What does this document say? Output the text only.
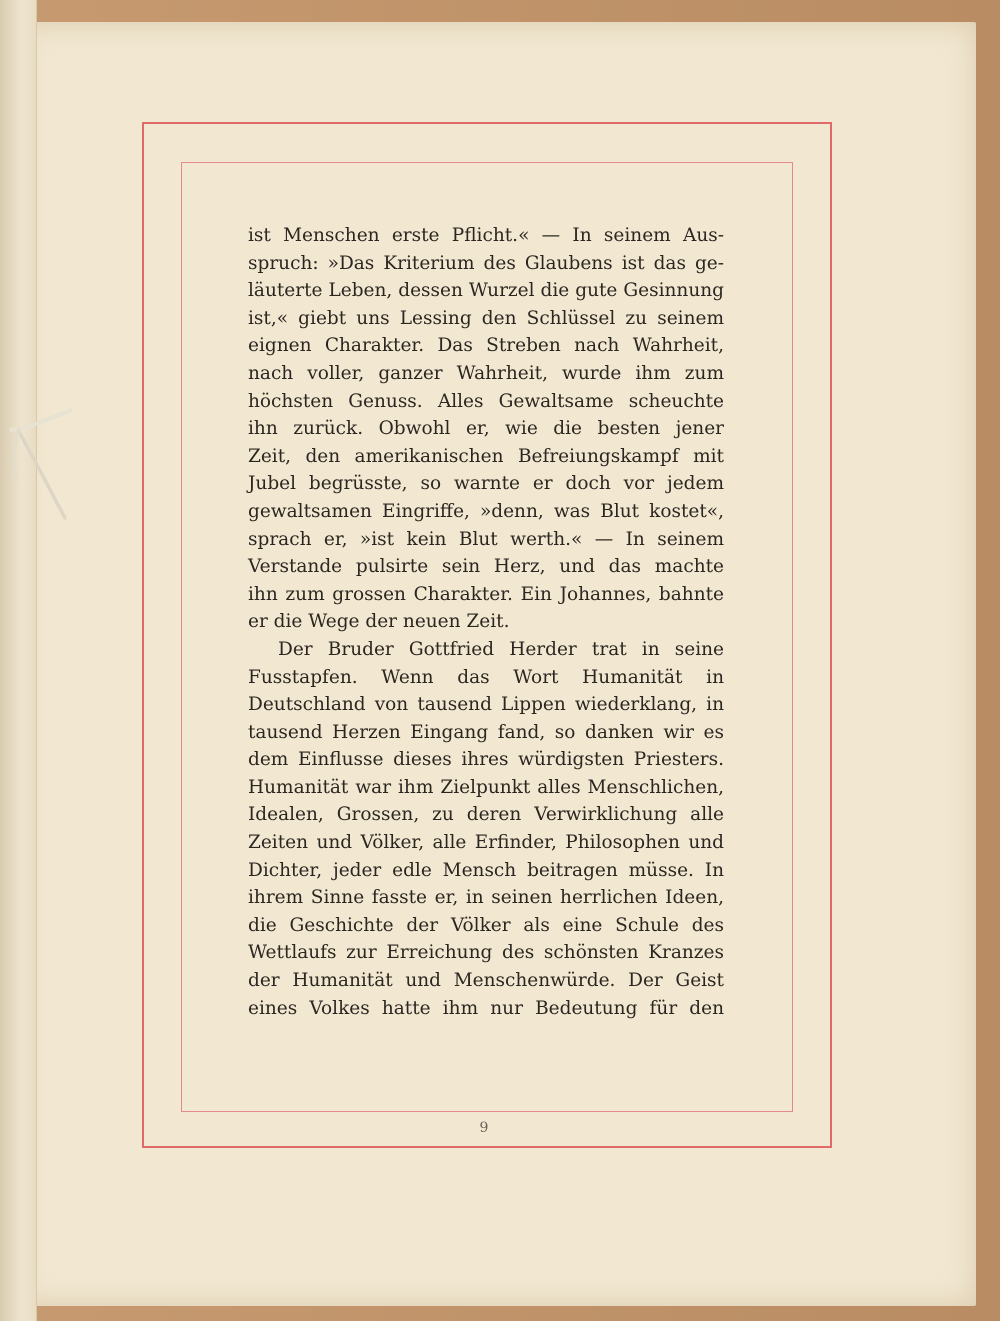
ist Menschen erste Pflicht.« — In seinem Aus-
spruch: »Das Kriterium des Glaubens ist das ge-
läuterte Leben, dessen Wurzel die gute Gesinnung
ist,« giebt uns Lessing den Schlüssel zu seinem
eignen Charakter. Das Streben nach Wahrheit,
nach voller, ganzer Wahrheit, wurde ihm zum
höchsten Genuss. Alles Gewaltsame scheuchte
ihn zurück. Obwohl er, wie die besten jener
Zeit, den amerikanischen Befreiungskampf mit
Jubel begrüsste, so warnte er doch vor jedem
gewaltsamen Eingriffe, »denn, was Blut kostet«,
sprach er, »ist kein Blut werth.« — In seinem
Verstande pulsirte sein Herz, und das machte
ihn zum grossen Charakter. Ein Johannes, bahnte
er die Wege der neuen Zeit.
Der Bruder Gottfried Herder trat in seine
Fusstapfen. Wenn das Wort Humanität in
Deutschland von tausend Lippen wiederklang, in
tausend Herzen Eingang fand, so danken wir es
dem Einflusse dieses ihres würdigsten Priesters.
Humanität war ihm Zielpunkt alles Menschlichen,
Idealen, Grossen, zu deren Verwirklichung alle
Zeiten und Völker, alle Erfinder, Philosophen und
Dichter, jeder edle Mensch beitragen müsse. In
ihrem Sinne fasste er, in seinen herrlichen Ideen,
die Geschichte der Völker als eine Schule des
Wettlaufs zur Erreichung des schönsten Kranzes
der Humanität und Menschenwürde. Der Geist
eines Volkes hatte ihm nur Bedeutung für den
9
